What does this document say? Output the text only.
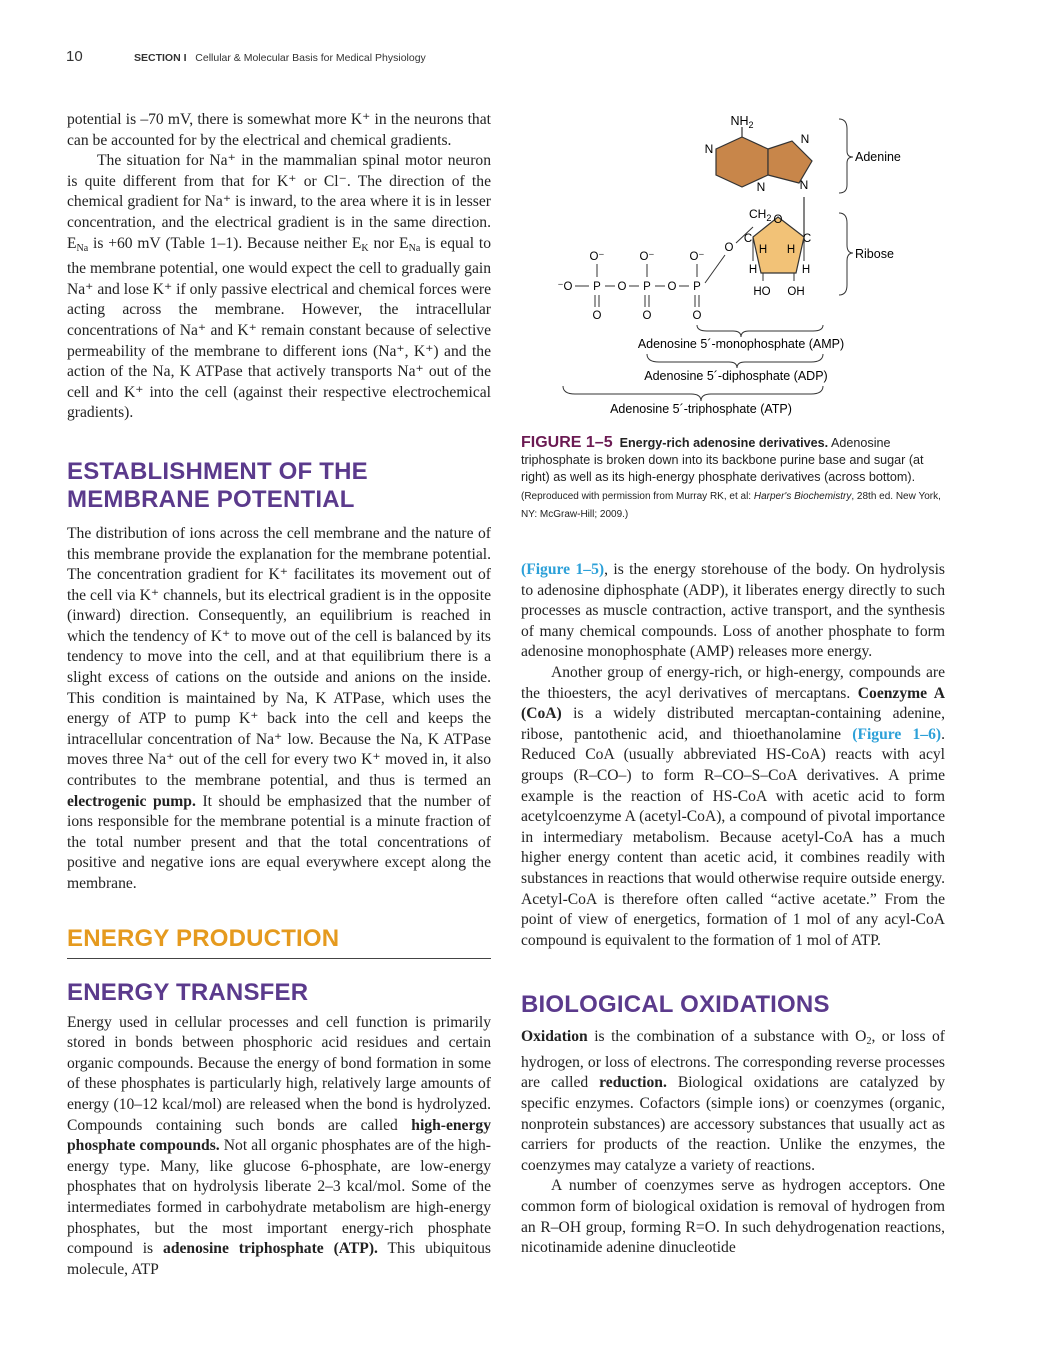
10	SECTION I Cellular & Molecular Basis for Medical Physiology

potential is –70 mV, there is somewhat more K⁺ in the neurons that can be accounted for by the electrical and chemical gradients.

The situation for Na⁺ in the mammalian spinal motor neuron is quite different from that for K⁺ or Cl⁻. The direction of the chemical gradient for Na⁺ is inward, to the area where it is in lesser concentration, and the electrical gradient is in the same direction. $E_{Na}$ is +60 mV (Table 1–1). Because neither $E_K$ nor $E_{Na}$ is equal to the membrane potential, one would expect the cell to gradually gain Na⁺ and lose K⁺ if only passive electrical and chemical forces were acting across the membrane. However, the intracellular concentrations of Na⁺ and K⁺ remain constant because of selective permeability of the membrane to different ions (Na⁺, K⁺) and the action of the Na, K ATPase that actively transports Na⁺ out of the cell and K⁺ into the cell (against their respective electrochemical gradients).

ESTABLISHMENT OF THE
MEMBRANE POTENTIAL

The distribution of ions across the cell membrane and the nature of this membrane provide the explanation for the membrane potential. The concentration gradient for K⁺ facilitates its movement out of the cell via K⁺ channels, but its electrical gradient is in the opposite (inward) direction. Consequently, an equilibrium is reached in which the tendency of K⁺ to move out of the cell is balanced by its tendency to move into the cell, and at that equilibrium there is a slight excess of cations on the outside and anions on the inside. This condition is maintained by Na, K ATPase, which uses the energy of ATP to pump K⁺ back into the cell and keeps the intracellular concentration of Na⁺ low. Because the Na, K ATPase moves three Na⁺ out of the cell for every two K⁺ moved in, it also contributes to the membrane potential, and thus is termed an electrogenic pump. It should be emphasized that the number of ions responsible for the membrane potential is a minute fraction of the total number present and that the total concentrations of positive and negative ions are equal everywhere except along the membrane.

ENERGY PRODUCTION
ENERGY TRANSFER

Energy used in cellular processes and cell function is primarily stored in bonds between phosphoric acid residues and certain organic compounds. Because the energy of bond formation in some of these phosphates is particularly high, relatively large amounts of energy (10–12 kcal/mol) are released when the bond is hydrolyzed. Compounds containing such bonds are called high-energy phosphate compounds. Not all organic phosphates are of the high-energy type. Many, like glucose 6-phosphate, are low-energy phosphates that on hydrolysis liberate 2–3 kcal/mol. Some of the intermediates formed in carbohydrate metabolism are high-energy phosphates, but the most important energy-rich phosphate compound is adenosine triphosphate (ATP). This ubiquitous molecule, ATP

$NH_2$
N
N
N	N
Adenine
O
$CH_2$
C	C
H H
H	H
HO OH
O	Ribose
O⁻	O⁻	O⁻
⁻O P O P O P
O	O	O
Adenosine 5´-monophosphate (AMP)
Adenosine 5´-diphosphate (ADP)
Adenosine 5´-triphosphate (ATP)
FIGURE 1–5 Energy-rich adenosine derivatives. Adenosine triphosphate is broken down into its backbone purine base and sugar (at right) as well as its high-energy phosphate derivatives (across bottom). (Reproduced with permission from Murray RK, et al: Harper's Biochemistry, 28th ed. New York, NY: McGraw-Hill; 2009.)

(Figure 1–5), is the energy storehouse of the body. On hydrolysis to adenosine diphosphate (ADP), it liberates energy directly to such processes as muscle contraction, active transport, and the synthesis of many chemical compounds. Loss of another phosphate to form adenosine monophosphate (AMP) releases more energy.

Another group of energy-rich, or high-energy, compounds are the thioesters, the acyl derivatives of mercaptans. Coenzyme A (CoA) is a widely distributed mercaptan-containing adenine, ribose, pantothenic acid, and thioethanolamine (Figure 1–6). Reduced CoA (usually abbreviated HS-CoA) reacts with acyl groups (R–CO–) to form R–CO–S–CoA derivatives. A prime example is the reaction of HS-CoA with acetic acid to form acetylcoenzyme A (acetyl-CoA), a compound of pivotal importance in intermediary metabolism. Because acetyl-CoA has a much higher energy content than acetic acid, it combines readily with substances in reactions that would otherwise require outside energy. Acetyl-CoA is therefore often called “active acetate.” From the point of view of energetics, formation of 1 mol of any acyl-CoA compound is equivalent to the formation of 1 mol of ATP.

BIOLOGICAL OXIDATIONS

Oxidation is the combination of a substance with $O_2$, or loss of hydrogen, or loss of electrons. The corresponding reverse processes are called reduction. Biological oxidations are catalyzed by specific enzymes. Cofactors (simple ions) or coenzymes (organic, nonprotein substances) are accessory substances that usually act as carriers for products of the reaction. Unlike the enzymes, the coenzymes may catalyze a variety of reactions.

A number of coenzymes serve as hydrogen acceptors. One common form of biological oxidation is removal of hydrogen from an R–OH group, forming R=O. In such dehydrogenation reactions, nicotinamide adenine dinucleotide
